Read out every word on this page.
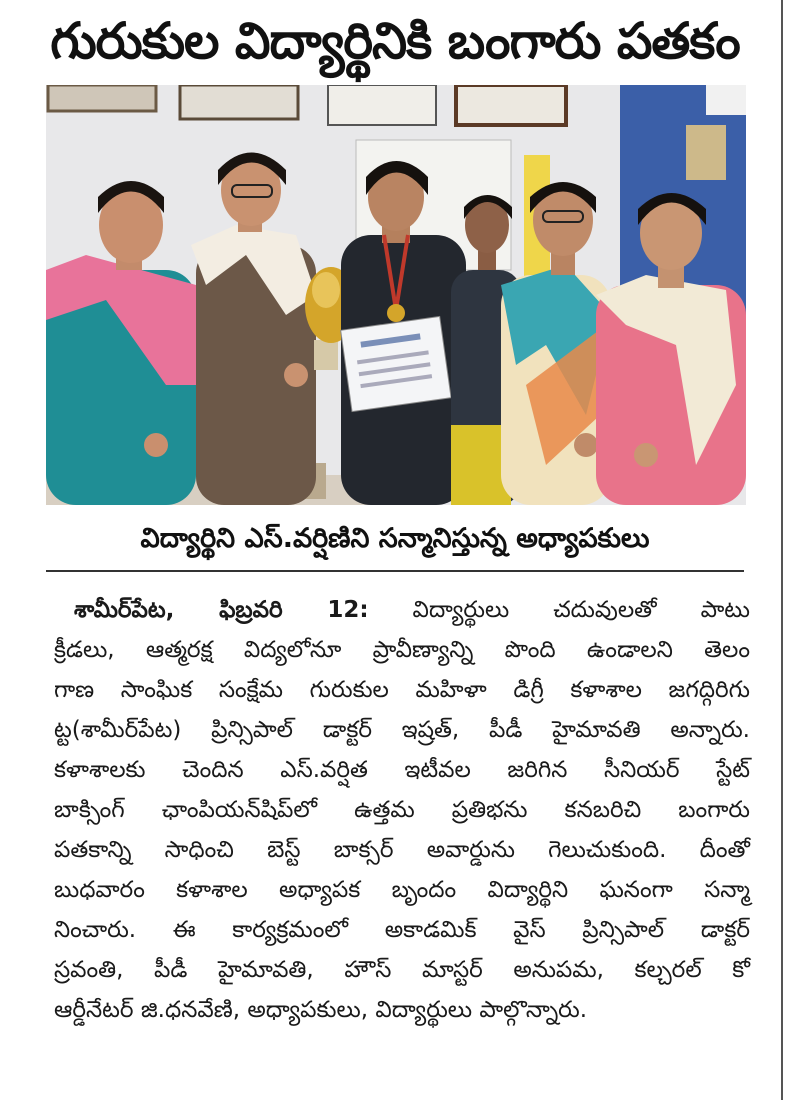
గురుకుల విద్యార్థినికి బంగారు పతకం
విద్యార్థిని ఎస్.వర్షిణిని సన్మానిస్తున్న అధ్యాపకులు
శామీర్‌పేట, ఫిబ్రవరి 12: విద్యార్థులు చదువులతో పాటు
క్రీడలు, ఆత్మరక్ష విద్యలోనూ ప్రావీణ్యాన్ని పొంది ఉండాలని తెలం
గాణ సాంఘిక సంక్షేమ గురుకుల మహిళా డిగ్రీ కళాశాల జగద్గిరిగు
ట్ట(శామీర్‌పేట) ప్రిన్సిపాల్ డాక్టర్ ఇష్రత్, పీడీ హైమావతి అన్నారు.
కళాశాలకు చెందిన ఎస్.వర్షిత ఇటీవల జరిగిన సీనియర్ స్టేట్
బాక్సింగ్ ఛాంపియన్‌షిప్‌లో ఉత్తమ ప్రతిభను కనబరిచి బంగారు
పతకాన్ని సాధించి బెస్ట్ బాక్సర్ అవార్డును గెలుచుకుంది. దీంతో
బుధవారం కళాశాల అధ్యాపక బృందం విద్యార్థిని ఘనంగా సన్మా
నించారు. ఈ కార్యక్రమంలో అకాడమిక్ వైస్ ప్రిన్సిపాల్ డాక్టర్
స్రవంతి, పీడీ హైమావతి, హౌస్ మాస్టర్ అనుపమ, కల్చరల్ కో
ఆర్డీనేటర్ జి.ధనవేణి, అధ్యాపకులు, విద్యార్థులు పాల్గొన్నారు.
